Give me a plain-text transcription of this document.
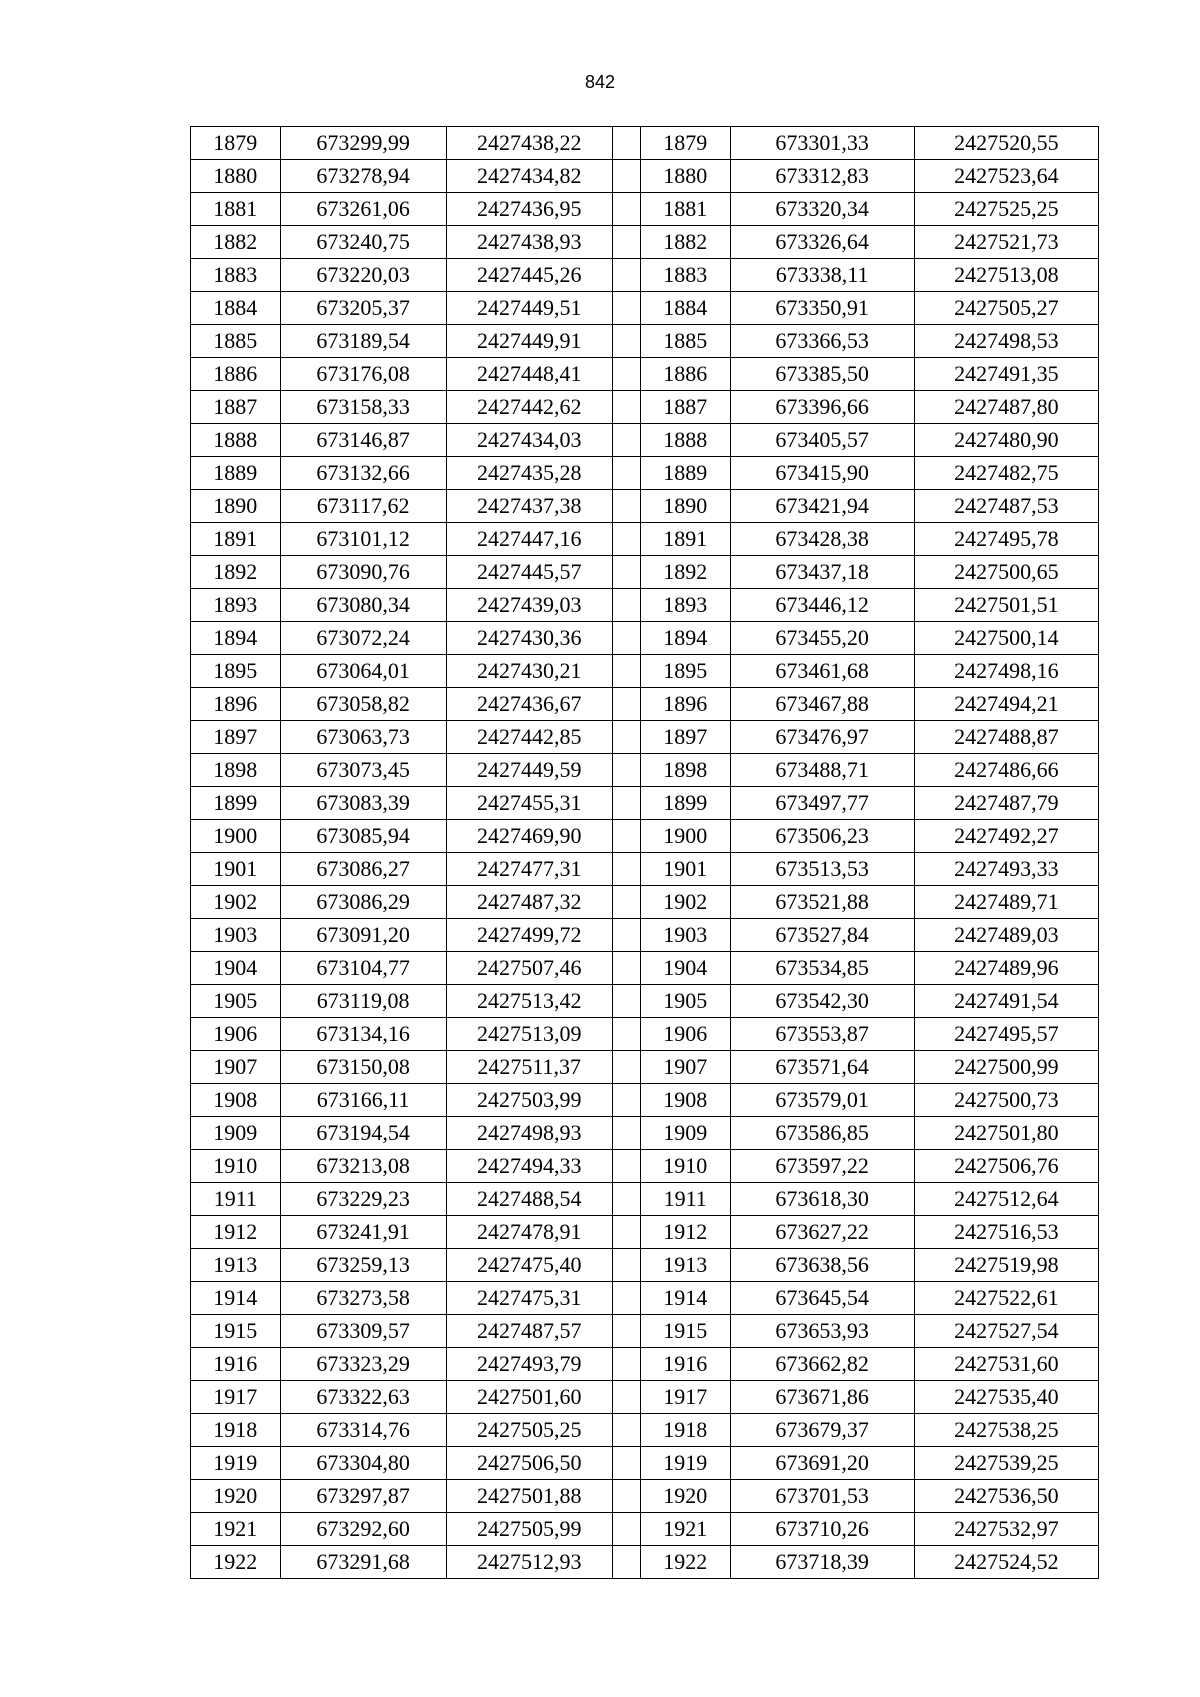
842
1879	673299,99	2427438,22		1879	673301,33	2427520,55
1880	673278,94	2427434,82		1880	673312,83	2427523,64
1881	673261,06	2427436,95		1881	673320,34	2427525,25
1882	673240,75	2427438,93		1882	673326,64	2427521,73
1883	673220,03	2427445,26		1883	673338,11	2427513,08
1884	673205,37	2427449,51		1884	673350,91	2427505,27
1885	673189,54	2427449,91		1885	673366,53	2427498,53
1886	673176,08	2427448,41		1886	673385,50	2427491,35
1887	673158,33	2427442,62		1887	673396,66	2427487,80
1888	673146,87	2427434,03		1888	673405,57	2427480,90
1889	673132,66	2427435,28		1889	673415,90	2427482,75
1890	673117,62	2427437,38		1890	673421,94	2427487,53
1891	673101,12	2427447,16		1891	673428,38	2427495,78
1892	673090,76	2427445,57		1892	673437,18	2427500,65
1893	673080,34	2427439,03		1893	673446,12	2427501,51
1894	673072,24	2427430,36		1894	673455,20	2427500,14
1895	673064,01	2427430,21		1895	673461,68	2427498,16
1896	673058,82	2427436,67		1896	673467,88	2427494,21
1897	673063,73	2427442,85		1897	673476,97	2427488,87
1898	673073,45	2427449,59		1898	673488,71	2427486,66
1899	673083,39	2427455,31		1899	673497,77	2427487,79
1900	673085,94	2427469,90		1900	673506,23	2427492,27
1901	673086,27	2427477,31		1901	673513,53	2427493,33
1902	673086,29	2427487,32		1902	673521,88	2427489,71
1903	673091,20	2427499,72		1903	673527,84	2427489,03
1904	673104,77	2427507,46		1904	673534,85	2427489,96
1905	673119,08	2427513,42		1905	673542,30	2427491,54
1906	673134,16	2427513,09		1906	673553,87	2427495,57
1907	673150,08	2427511,37		1907	673571,64	2427500,99
1908	673166,11	2427503,99		1908	673579,01	2427500,73
1909	673194,54	2427498,93		1909	673586,85	2427501,80
1910	673213,08	2427494,33		1910	673597,22	2427506,76
1911	673229,23	2427488,54		1911	673618,30	2427512,64
1912	673241,91	2427478,91		1912	673627,22	2427516,53
1913	673259,13	2427475,40		1913	673638,56	2427519,98
1914	673273,58	2427475,31		1914	673645,54	2427522,61
1915	673309,57	2427487,57		1915	673653,93	2427527,54
1916	673323,29	2427493,79		1916	673662,82	2427531,60
1917	673322,63	2427501,60		1917	673671,86	2427535,40
1918	673314,76	2427505,25		1918	673679,37	2427538,25
1919	673304,80	2427506,50		1919	673691,20	2427539,25
1920	673297,87	2427501,88		1920	673701,53	2427536,50
1921	673292,60	2427505,99		1921	673710,26	2427532,97
1922	673291,68	2427512,93		1922	673718,39	2427524,52
